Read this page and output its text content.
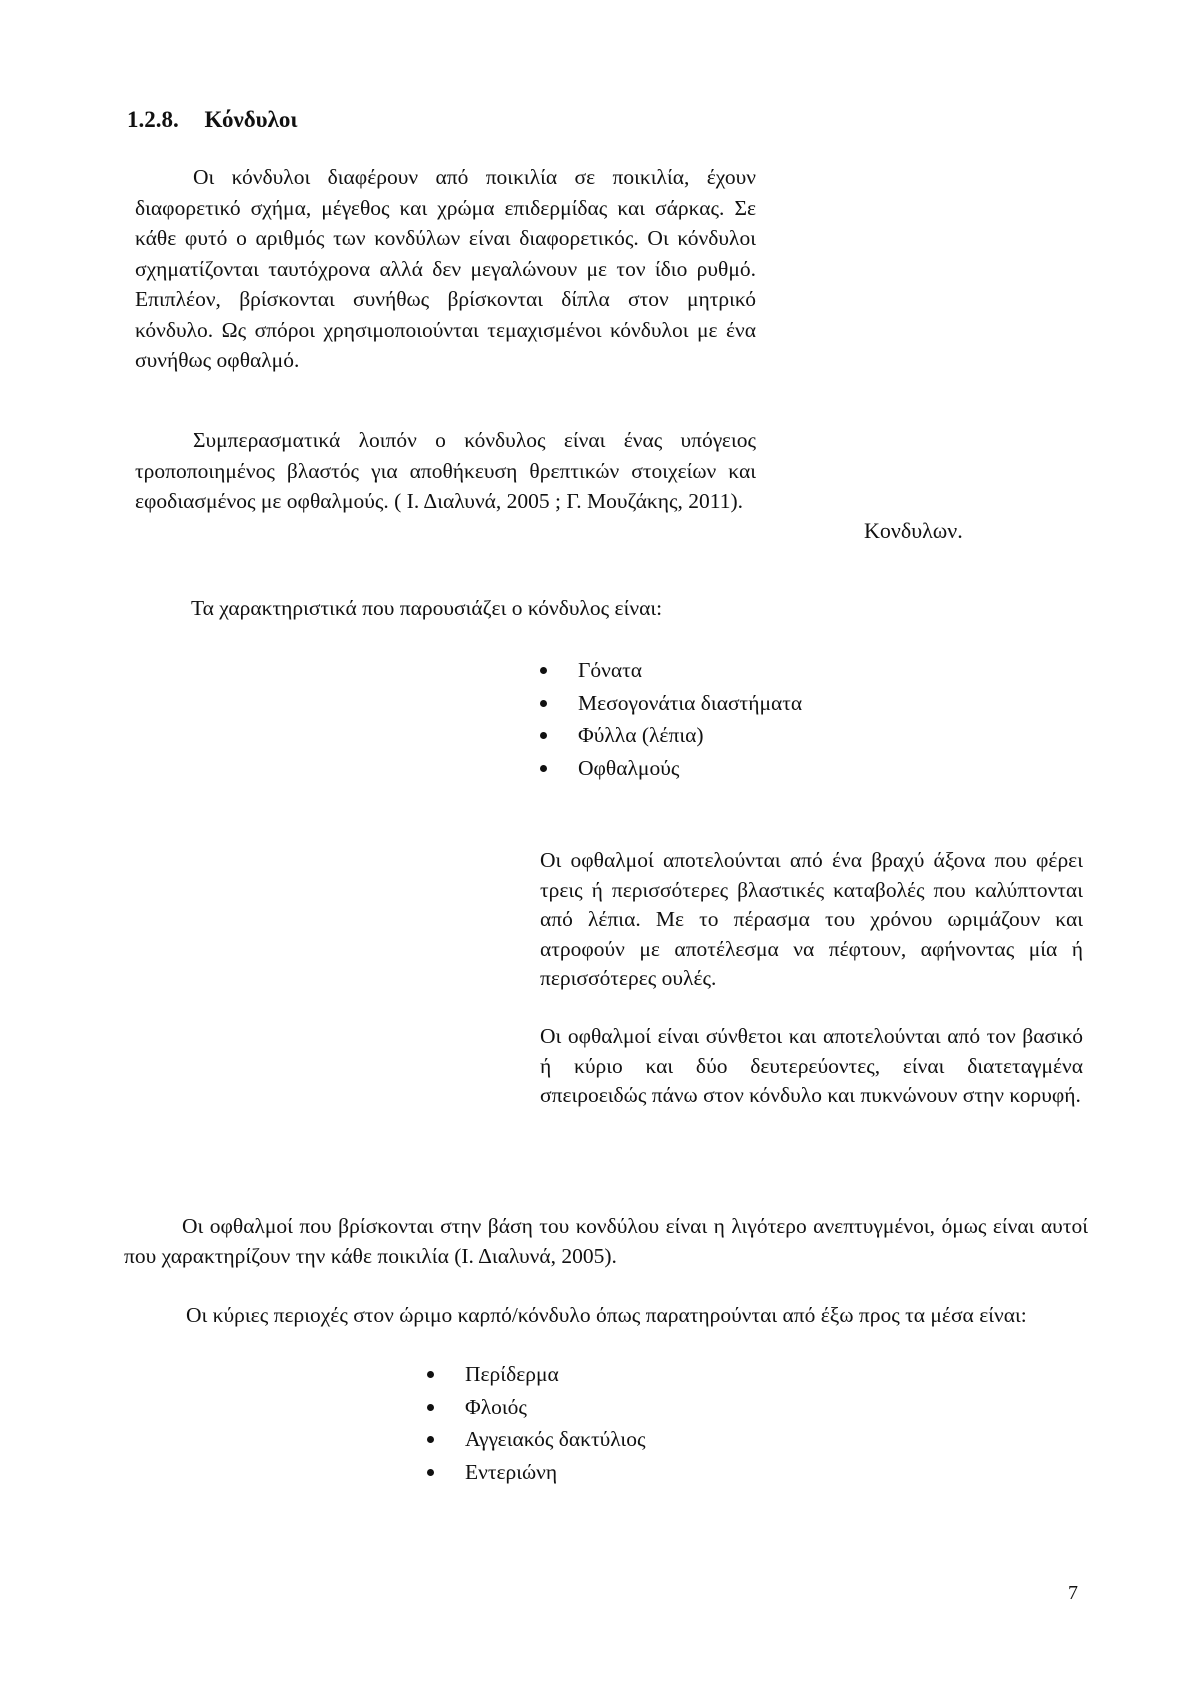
1.2.8. Κόνδυλοι

Οι κόνδυλοι διαφέρουν από ποικιλία σε ποικιλία, έχουν διαφορετικό σχήμα, μέγεθος και χρώμα επιδερμίδας και σάρκας. Σε κάθε φυτό ο αριθμός των κονδύλων είναι διαφορετικός. Οι κόνδυλοι σχηματίζονται ταυτόχρονα αλλά δεν μεγαλώνουν με τον ίδιο ρυθμό. Επιπλέον, βρίσκονται συνήθως βρίσκονται δίπλα στον μητρικό κόνδυλο. Ως σπόροι χρησιμοποιούνται τεμαχισμένοι κόνδυλοι με ένα συνήθως οφθαλμό.

Συμπερασματικά λοιπόν ο κόνδυλος είναι ένας υπόγειος τροποποιημένος βλαστός για αποθήκευση θρεπτικών στοιχείων και εφοδιασμένος με οφθαλμούς. ( Ι. Διαλυνά, 2005 ; Γ. Μουζάκης, 2011).

Κονδυλων.
Τα χαρακτηριστικά που παρουσιάζει ο κόνδυλος είναι:
Γόνατα
Μεσογονάτια διαστήματα
Φύλλα (λέπια)
Οφθαλμούς

Οι οφθαλμοί αποτελούνται από ένα βραχύ άξονα που φέρει τρεις ή περισσότερες βλαστικές καταβολές που καλύπτονται από λέπια. Με το πέρασμα του χρόνου ωριμάζουν και ατροφούν με αποτέλεσμα να πέφτουν, αφήνοντας μία ή περισσότερες ουλές.

Οι οφθαλμοί είναι σύνθετοι και αποτελούνται από τον βασικό ή κύριο και δύο δευτερεύοντες, είναι διατεταγμένα σπειροειδώς πάνω στον κόνδυλο και πυκνώνουν στην κορυφή.

Οι οφθαλμοί που βρίσκονται στην βάση του κονδύλου είναι η λιγότερο ανεπτυγμένοι, όμως είναι αυτοί που χαρακτηρίζουν την κάθε ποικιλία (Ι. Διαλυνά, 2005).

Οι κύριες περιοχές στον ώριμο καρπό/κόνδυλο όπως παρατηρούνται από έξω προς τα μέσα είναι:

Περίδερμα
Φλοιός
Αγγειακός δακτύλιος
Εντεριώνη
7
